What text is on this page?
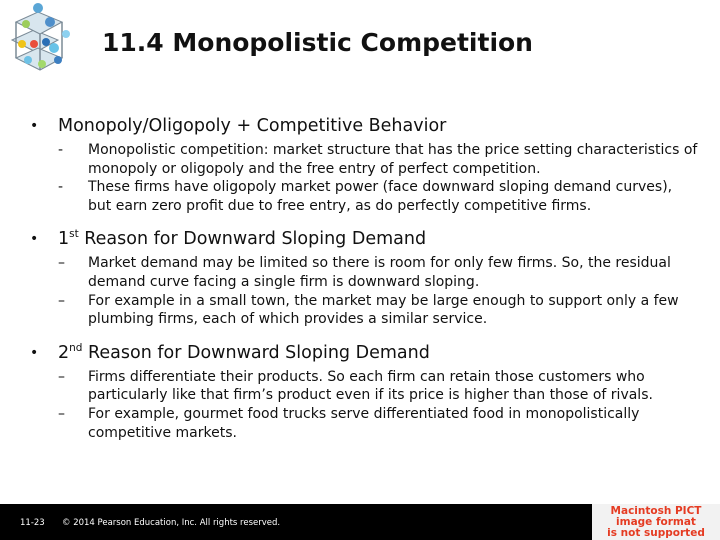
11.4 Monopolistic Competition
• Monopoly/Oligopoly + Competitive Behavior
- Monopolistic competition: market structure that has the price setting characteristics of monopoly or oligopoly and the free entry of perfect competition.
- These firms have oligopoly market power (face downward sloping demand curves), but earn zero profit due to free entry, as do perfectly competitive firms.
• 1st Reason for Downward Sloping Demand
– Market demand may be limited so there is room for only few firms. So, the residual demand curve facing a single firm is downward sloping.
– For example in a small town, the market may be large enough to support only a few plumbing firms, each of which provides a similar service.
• 2nd Reason for Downward Sloping Demand
– Firms differentiate their products. So each firm can retain those customers who particularly like that firm’s product even if its price is higher than those of rivals.
– For example, gourmet food trucks serve differentiated food in monopolistically competitive markets.
11-23 © 2014 Pearson Education, Inc. All rights reserved.
Macintosh PICT
image format
is not supported
